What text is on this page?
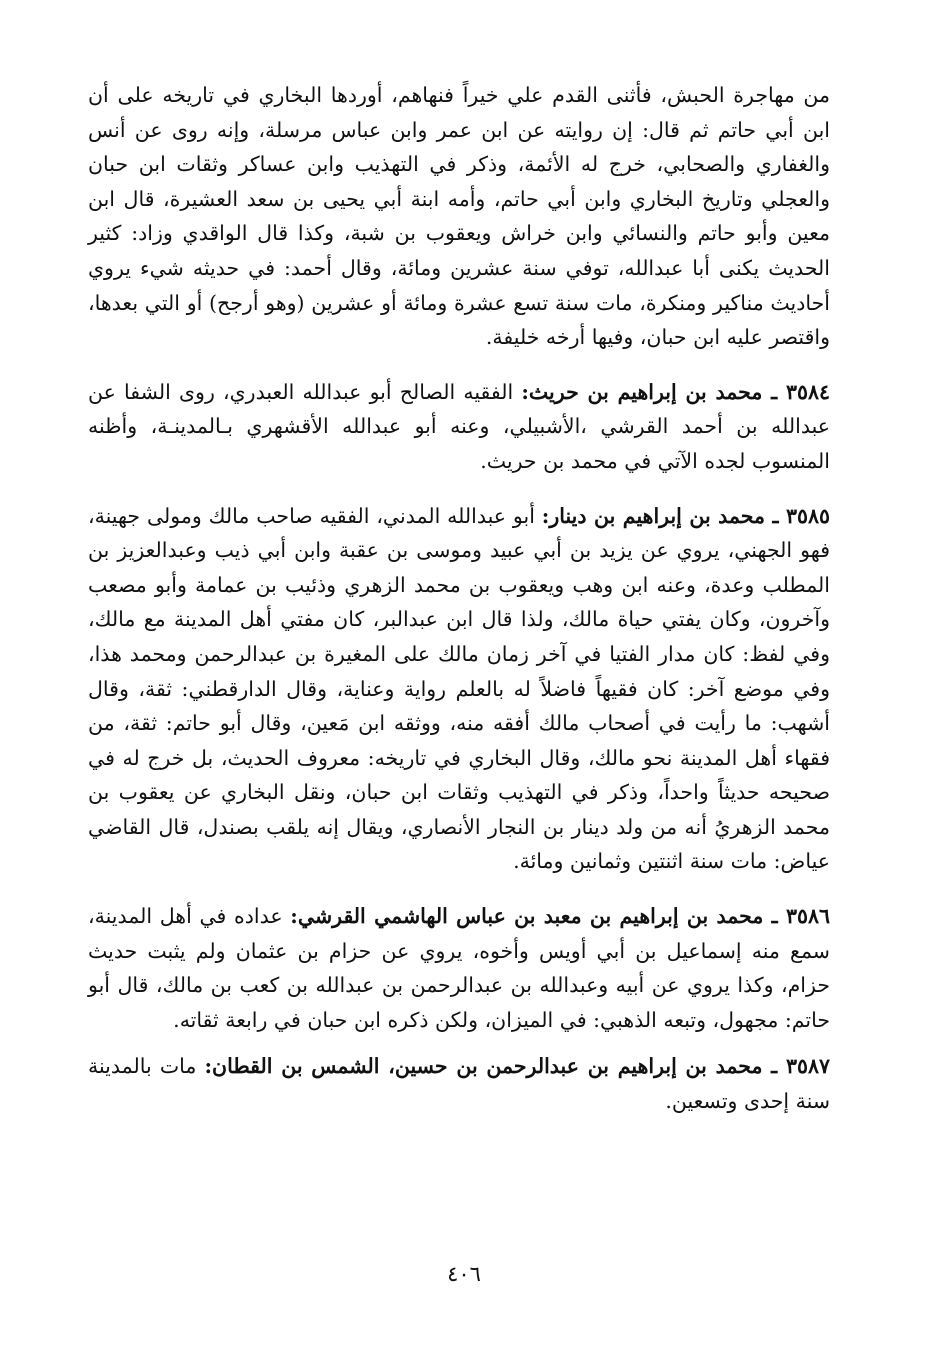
من مهاجرة الحبش، فأثنى القدم علي خيراً فنهاهم، أوردها البخاري في تاريخه على أن ابن أبي حاتم ثم قال: إن روايته عن ابن عمر وابن عباس مرسلة، وإنه روى عن أنس والغفاري والصحابي، خرج له الأئمة، وذكر في التهذيب وابن عساكر وثقات ابن حبان والعجلي وتاريخ البخاري وابن أبي حاتم، وأمه ابنة أبي يحيى بن سعد العشيرة، قال ابن معين وأبو حاتم والنسائي وابن خراش ويعقوب بن شبة، وكذا قال الواقدي وزاد: كثير الحديث يكنى أبا عبدالله، توفي سنة عشرين ومائة، وقال أحمد: في حديثه شيء يروي أحاديث مناكير ومنكرة، مات سنة تسع عشرة ومائة أو عشرين (وهو أرجح) أو التي بعدها، واقتصر عليه ابن حبان، وفيها أرخه خليفة.

٣٥٨٤ ـ محمد بن إبراهيم بن حريث: الفقيه الصالح أبو عبدالله العبدري، روى الشفا عن عبدالله بن أحمد القرشي ،الأشبيلي، وعنه أبو عبدالله الأقشهري بـالمدينـة، وأظنه المنسوب لجده الآتي في محمد بن حريث.

٣٥٨٥ ـ محمد بن إبراهيم بن دينار: أبو عبدالله المدني، الفقيه صاحب مالك ومولى جهينة، فهو الجهني، يروي عن يزيد بن أبي عبيد وموسى بن عقبة وابن أبي ذيب وعبدالعزيز بن المطلب وعدة، وعنه ابن وهب ويعقوب بن محمد الزهري وذئيب بن عمامة وأبو مصعب وآخرون، وكان يفتي حياة مالك، ولذا قال ابن عبدالبر، كان مفتي أهل المدينة مع مالك، وفي لفظ: كان مدار الفتيا في آخر زمان مالك على المغيرة بن عبدالرحمن ومحمد هذا، وفي موضع آخر: كان فقيهاً فاضلاً له بالعلم رواية وعناية، وقال الدارقطني: ثقة، وقال أشهب: ما رأيت في أصحاب مالك أفقه منه، ووثقه ابن مَعين، وقال أبو حاتم: ثقة، من فقهاء أهل المدينة نحو مالك، وقال البخاري في تاريخه: معروف الحديث، بل خرج له في صحيحه حديثاً واحداً، وذكر في التهذيب وثقات ابن حبان، ونقل البخاري عن يعقوب بن محمد الزهريُ أنه من ولد دينار بن النجار الأنصاري، ويقال إنه يلقب بصندل، قال القاضي عياض: مات سنة اثنتين وثمانين ومائة.

٣٥٨٦ ـ محمد بن إبراهيم بن معبد بن عباس الهاشمي القرشي: عداده في أهل المدينة، سمع منه إسماعيل بن أبي أويس وأخوه، يروي عن حزام بن عثمان ولم يثبت حديث حزام، وكذا يروي عن أبيه وعبدالله بن عبدالرحمن بن عبدالله بن كعب بن مالك، قال أبو حاتم: مجهول، وتبعه الذهبي: في الميزان، ولكن ذكره ابن حبان في رابعة ثقاته.

٣٥٨٧ ـ محمد بن إبراهيم بن عبدالرحمن بن حسين، الشمس بن القطان: مات بالمدينة سنة إحدى وتسعين.

٤٠٦
